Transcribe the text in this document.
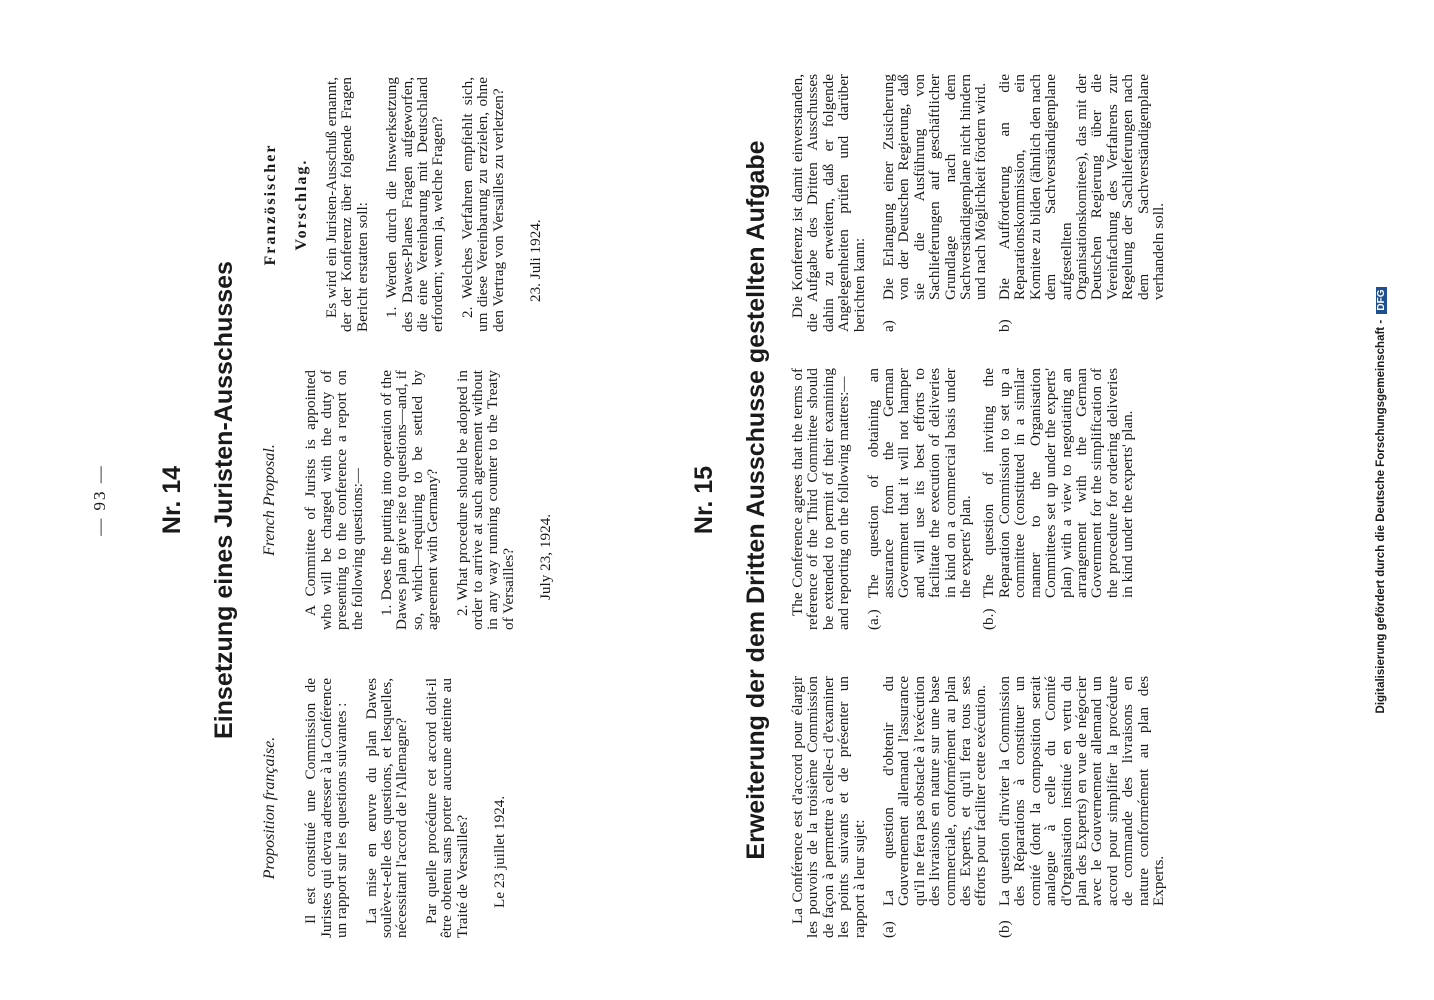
— 93 — Nr. 14 Einsetzung eines Juristen-Ausschusses
Proposition française. Il est constitué une Commission de Juristes qui devra adresser à la Conférence un rapport sur les questions suivantes : La mise en œuvre du plan Dawes soulève-t-elle des questions, et lesquelles, nécessitant l'accord de l'Allemagne? Par quelle procédure cet accord doit-il être obtenu sans porter aucune atteinte au Traité de Versailles? Le 23 juillet 1924.
French Proposal. A Committee of Jurists is appointed who will be charged with the duty of presenting to the conference a report on the following questions:— 1. Does the putting into operation of the Dawes plan give rise to questions—and, if so, which—requiring to be settled by agreement with Germany? 2. What procedure should be adopted in order to arrive at such agreement without in any way running counter to the Treaty of Versailles? July 23, 1924.
Französischer Vorschlag. Es wird ein Juristen-Ausschuß ernannt, der der Konferenz über folgende Fragen Bericht erstatten soll: 1. Werden durch die Inswerksetzung des Dawes-Planes Fragen aufgeworfen, die eine Vereinbarung mit Deutschland erfordern; wenn ja, welche Fragen? 2. Welches Verfahren empfiehlt sich, um diese Vereinbarung zu erzielen, ohne den Vertrag von Versailles zu verletzen? 23. Juli 1924.
Nr. 15 Erweiterung der dem Dritten Ausschusse gestellten Aufgabe La Conférence est d'accord pour élargir les pouvoirs de la troisième Commission de façon à permettre à celle-ci d'examiner les points suivants et de présenter un rapport à leur sujet: (a)
La question d'obtenir du Gouvernement allemand l'assurance qu'il ne fera pas obstacle à l'exécution des livraisons en nature sur une base commerciale, conformément au plan des Experts, et qu'il fera tous ses efforts pour faciliter cette exécution.
(b)
La question d'inviter la Commission des Réparations à constituer un comité (dont la composition serait analogue à celle du Comité d'Organisation institué en vertu du plan des Experts) en vue de négocier avec le Gouvernement allemand un accord pour simplifier la procédure de commande des livraisons en nature conformément au plan des Experts.

The Conference agrees that the terms of reference of the Third Committee should be extended to permit of their examining and reporting on the following matters:— (a.)
The question of obtaining an assurance from the German Government that it will not hamper and will use its best efforts to facilitate the execution of deliveries in kind on a commercial basis under the experts' plan.
(b.)
The question of inviting the Reparation Commission to set up a committee (constituted in a similar manner to the Organisation Committees set up under the experts' plan) with a view to negotiating an arrangement with the German Government for the simplification of the procedure for ordering deliveries in kind under the experts' plan.

Die Konferenz ist damit einverstanden, die Aufgabe des Dritten Ausschusses dahin zu erweitern, daß er folgende Angelegenheiten prüfen und darüber berichten kann: a)
Die Erlangung einer Zusicherung von der Deutschen Regierung, daß sie die Ausführung von Sachlieferungen auf geschäftlicher Grundlage nach dem Sachverständigenplane nicht hindern und nach Möglichkeit fördern wird.
b)
Die Aufforderung an die Reparationskommission, ein Komitee zu bilden (ähnlich den nach dem Sachverständigenplane aufgestellten Organisationskomitees), das mit der Deutschen Regierung über die Vereinfachung des Verfahrens zur Regelung der Sachlieferungen nach dem Sachverständigenplane verhandeln soll.
Digitalisierung gefördert durch die Deutsche Forschungsgemeinschaft - DFG
